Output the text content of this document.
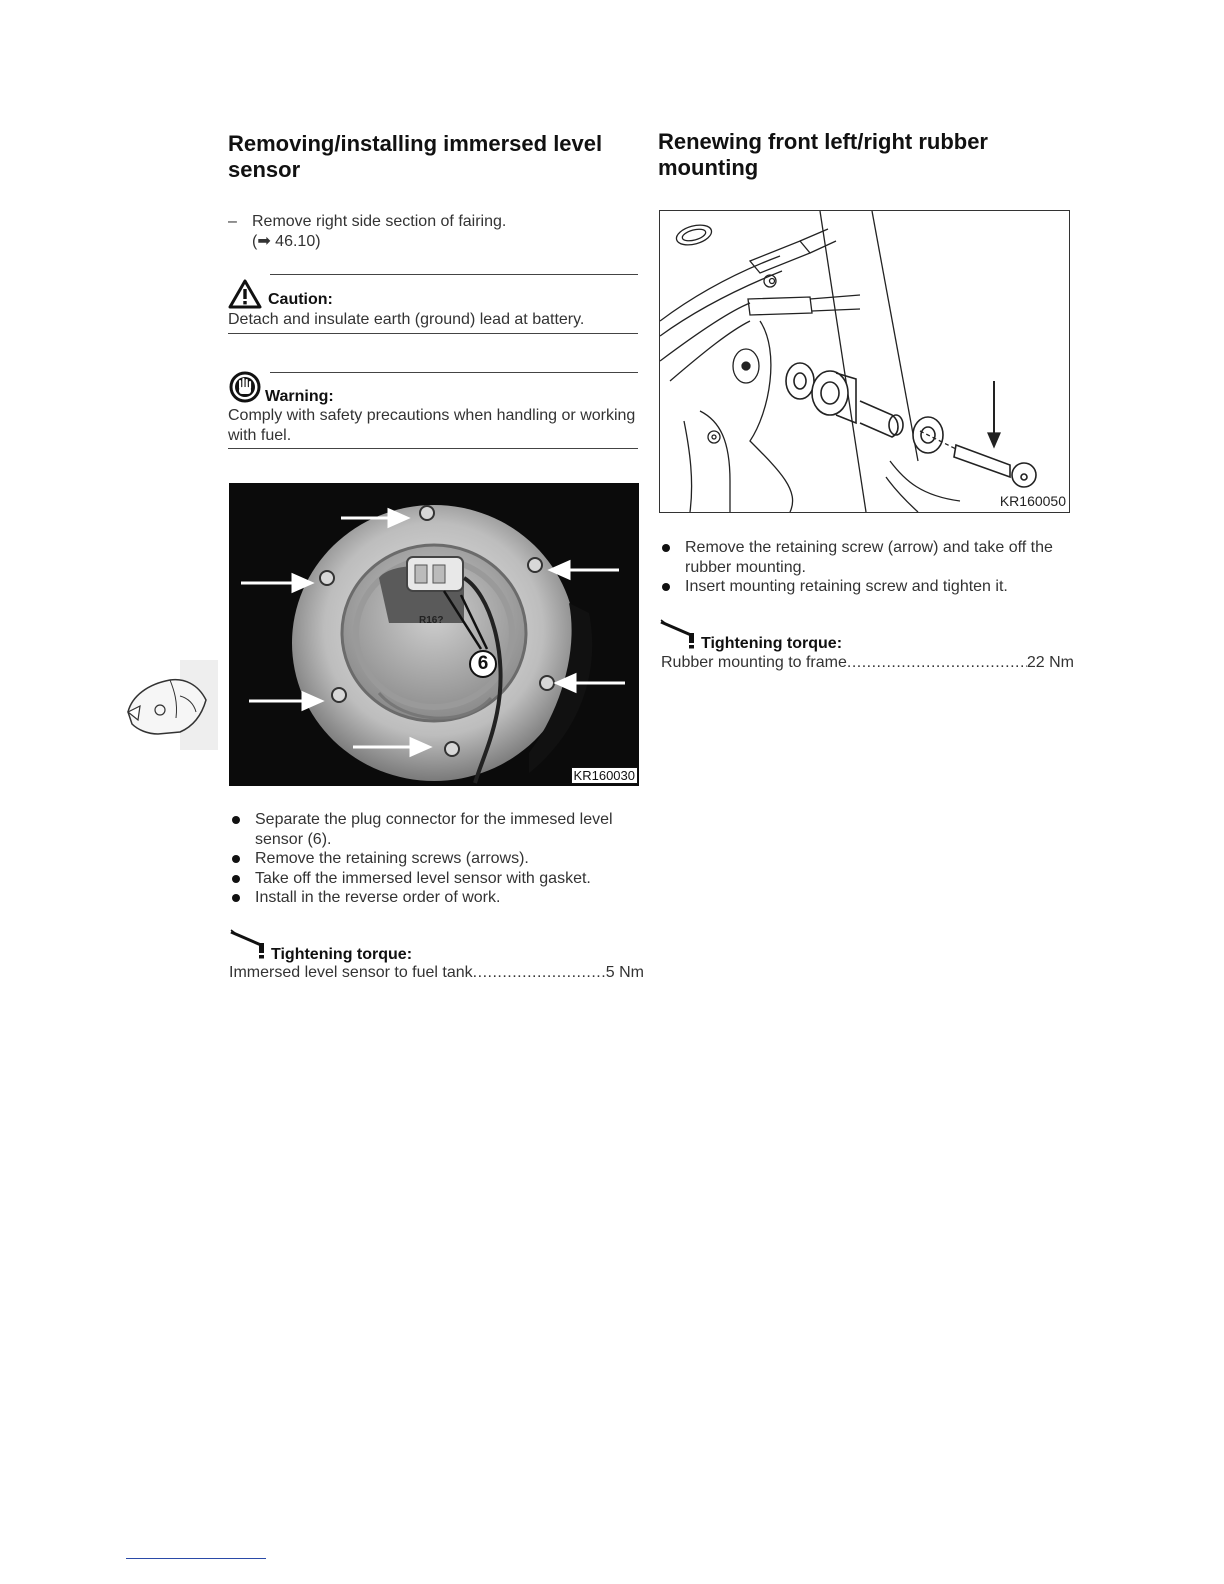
Removing/installing immersed level sensor
– Remove right side section of fairing.
(➡ 46.10)
Caution:
Detach and insulate earth (ground) lead at battery.
Warning:
Comply with safety precautions when handling or working with fuel.
R16?
6
KR160030
Separate the plug connector for the immesed level sensor (6).
Remove the retaining screws (arrows).
Take off the immersed level sensor with gasket.
Install in the reverse order of work.
Tightening torque:
Immersed level sensor to fuel tank .....	5 Nm
Renewing front left/right rubber mounting
KR160050
Remove the retaining screw (arrow) and take off the rubber mounting.
Insert mounting retaining screw and tighten it.
Tightening torque:
Rubber mounting to frame .....	22 Nm
